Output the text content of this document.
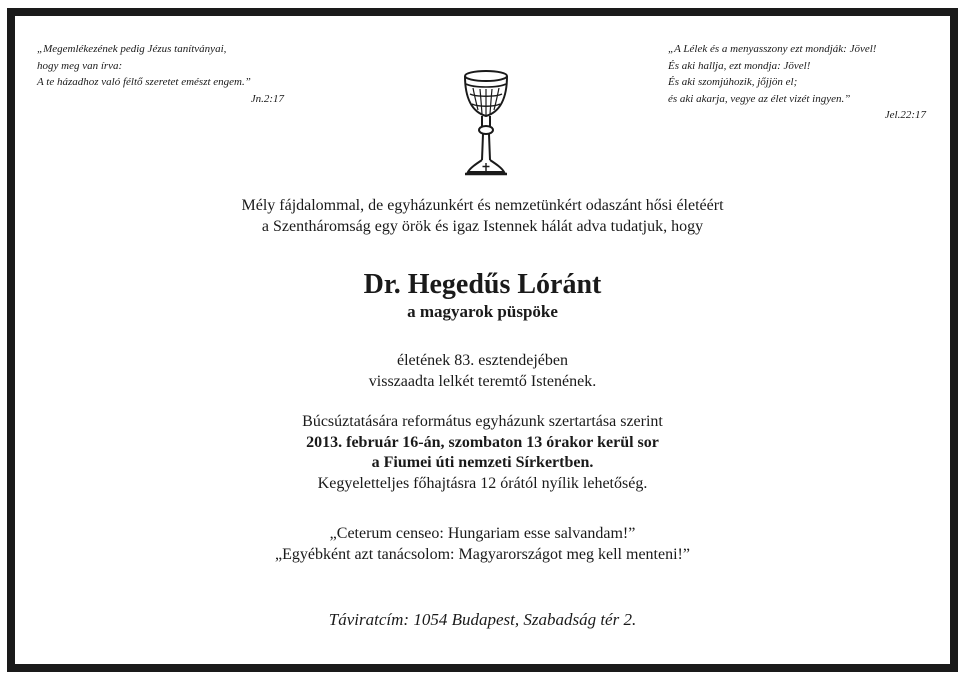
„Megemlékezének pedig Jézus tanítványai,
hogy meg van írva:
A te házadhoz való féltő szeretet emészt engem.”
Jn.2:17
„A Lélek és a menyasszony ezt mondják: Jövel!
És aki hallja, ezt mondja: Jövel!
És aki szomjúhozik, jőjjön el;
és aki akarja, vegye az élet vizét ingyen.”
Jel.22:17
Mély fájdalommal, de egyházunkért és nemzetünkért odaszánt hősi életéért
a Szentháromság egy örök és igaz Istennek hálát adva tudatjuk, hogy
Dr. Hegedűs Lóránt
a magyarok püspöke
életének 83. esztendejében
visszaadta lelkét teremtő Istenének.
Búcsúztatására református egyházunk szertartása szerint
2013. február 16-án, szombaton 13 órakor kerül sor
a Fiumei úti nemzeti Sírkertben.
Kegyeletteljes főhajtásra 12 órától nyílik lehetőség.
„Ceterum censeo: Hungariam esse salvandam!”
„Egyébként azt tanácsolom: Magyarországot meg kell menteni!”
Táviratcím: 1054 Budapest, Szabadság tér 2.
